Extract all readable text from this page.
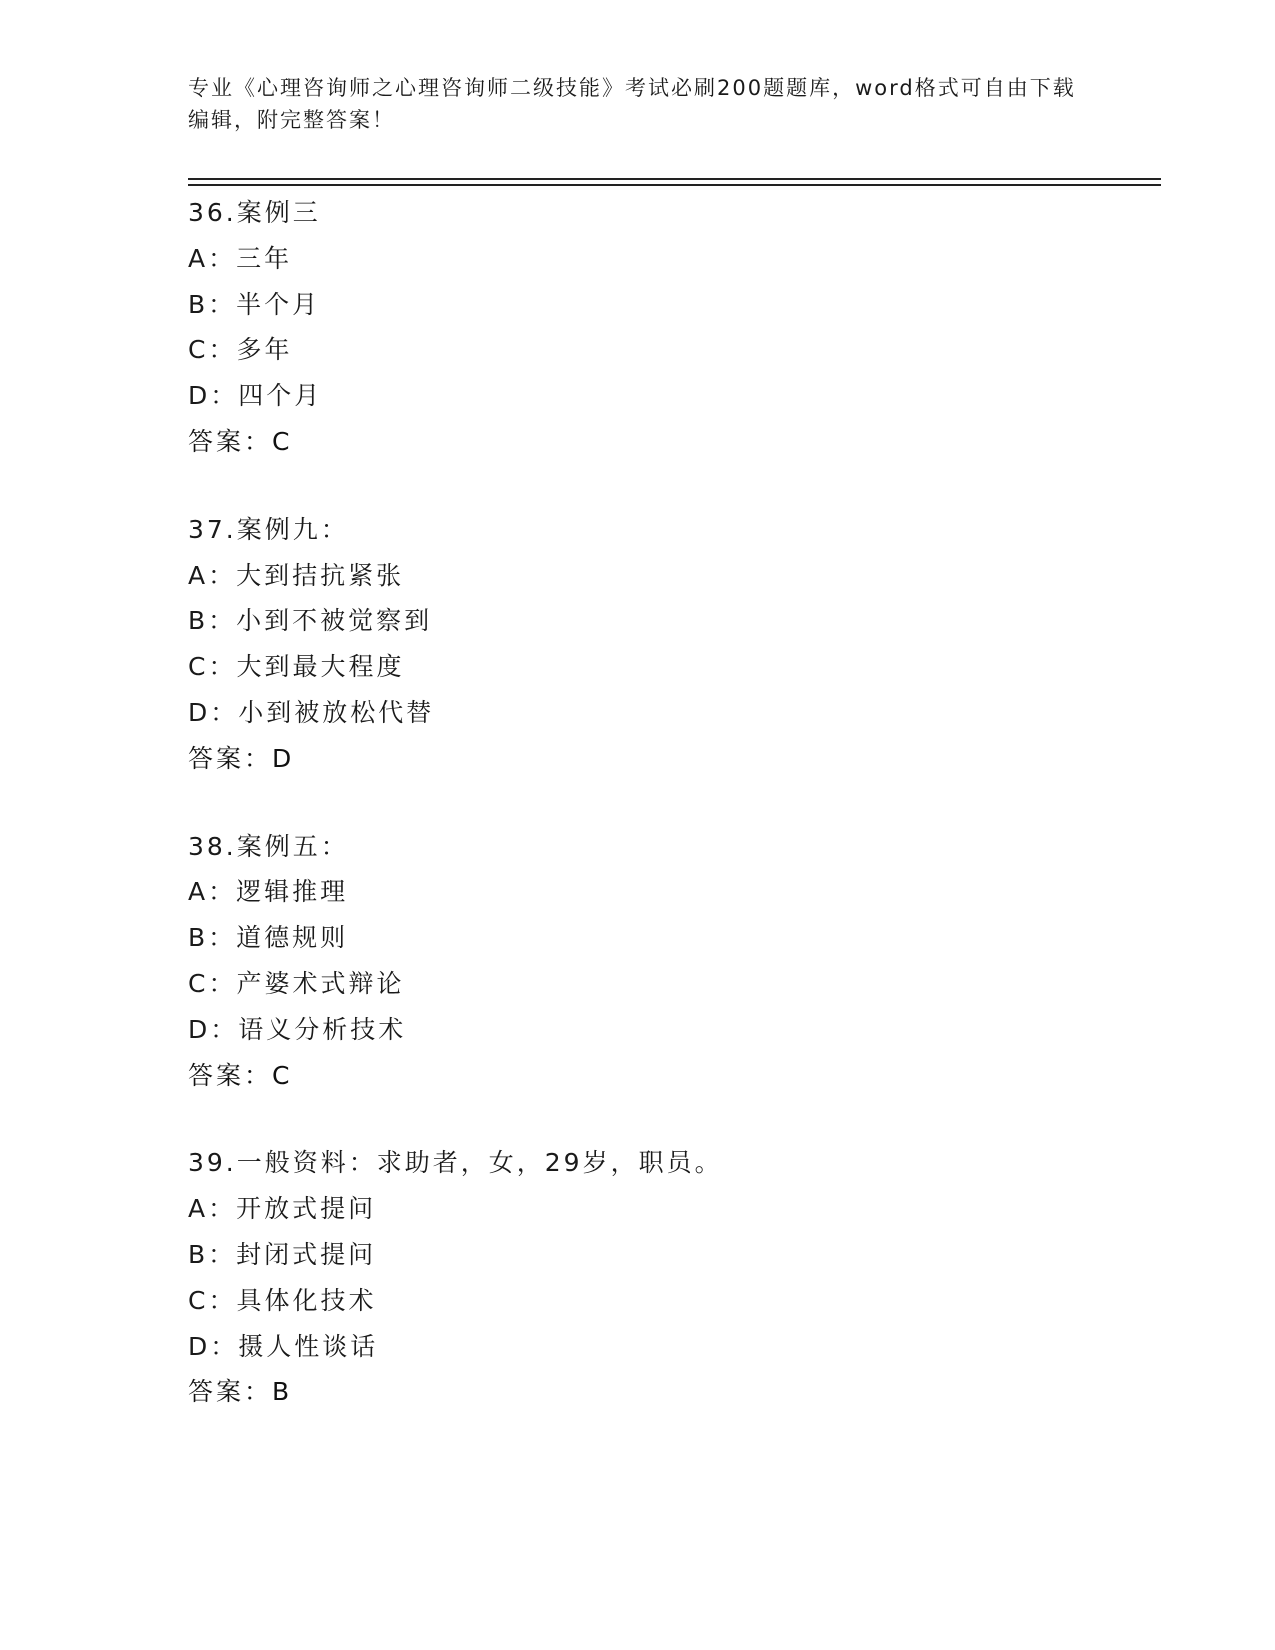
专业《心理咨询师之心理咨询师二级技能》考试必刷200题题库，word格式可自由下载编辑，附完整答案！
36.案例三
A：三年
B：半个月
C：多年
D：四个月
答案：C
37.案例九：
A：大到拮抗紧张
B：小到不被觉察到
C：大到最大程度
D：小到被放松代替
答案：D
38.案例五：
A：逻辑推理
B：道德规则
C：产婆术式辩论
D：语义分析技术
答案：C
39.一般资料：求助者，女，29岁，职员。
A：开放式提问
B：封闭式提问
C：具体化技术
D：摄人性谈话
答案：B
